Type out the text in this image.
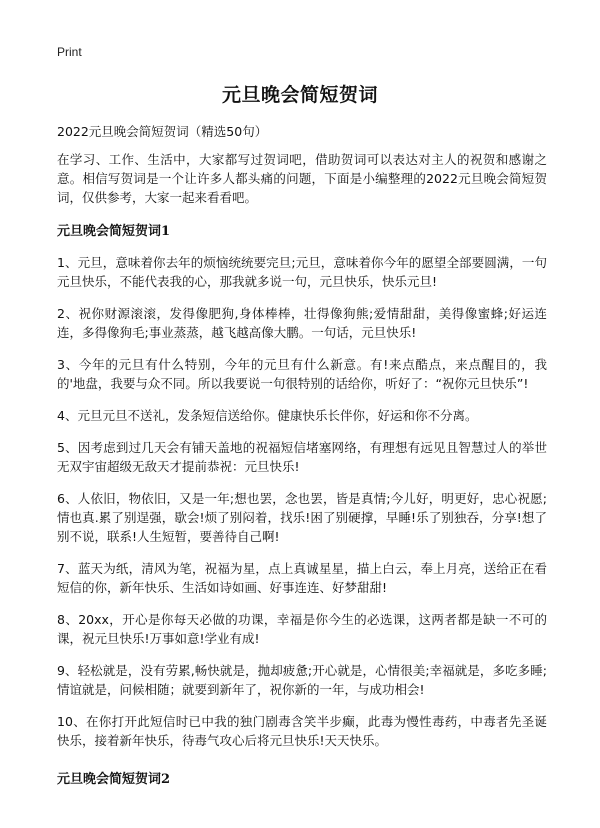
Print
元旦晚会简短贺词
2022元旦晚会简短贺词（精选50句）

在学习、工作、生活中，大家都写过贺词吧，借助贺词可以表达对主人的祝贺和感谢之意。相信写贺词是一个让许多人都头痛的问题，下面是小编整理的2022元旦晚会简短贺词，仅供参考，大家一起来看看吧。

元旦晚会简短贺词1

1、元旦，意味着你去年的烦恼统统要完旦;元旦，意味着你今年的愿望全部要圆满，一句元旦快乐，不能代表我的心，那我就多说一句，元旦快乐，快乐元旦!

2、祝你财源滚滚，发得像肥狗,身体棒棒，壮得像狗熊;爱情甜甜，美得像蜜蜂;好运连连，多得像狗毛;事业蒸蒸，越飞越高像大鹏。一句话，元旦快乐!

3、今年的元旦有什么特别，今年的元旦有什么新意。有!来点酷点，来点醒目的，我的'地盘，我要与众不同。所以我要说一句很特别的话给你，听好了：“祝你元旦快乐”!

4、元旦元旦不送礼，发条短信送给你。健康快乐长伴你，好运和你不分离。

5、因考虑到过几天会有铺天盖地的祝福短信堵塞网络，有理想有远见且智慧过人的举世无双宇宙超级无敌天才提前恭祝：元旦快乐!

6、人依旧，物依旧，又是一年;想也罢，念也罢，皆是真情;今儿好，明更好，忠心祝愿;情也真.累了别逞强，歇会!烦了别闷着，找乐!困了别硬撑，早睡!乐了别独吞，分享!想了别不说，联系!人生短暂，要善待自己啊!

7、蓝天为纸，清风为笔，祝福为星，点上真诚星星，描上白云，奉上月亮，送给正在看短信的你，新年快乐、生活如诗如画、好事连连、好梦甜甜!

8、20xx，开心是你每天必做的功课，幸福是你今生的必选课，这两者都是缺一不可的课，祝元旦快乐!万事如意!学业有成!

9、轻松就是，没有劳累,畅快就是，抛却疲惫;开心就是，心情很美;幸福就是，多吃多睡;情谊就是，问候相随；就要到新年了，祝你新的一年，与成功相会!

10、在你打开此短信时已中我的独门剧毒含笑半步癫，此毒为慢性毒药，中毒者先圣诞快乐，接着新年快乐，待毒气攻心后将元旦快乐!天天快乐。

元旦晚会简短贺词2
